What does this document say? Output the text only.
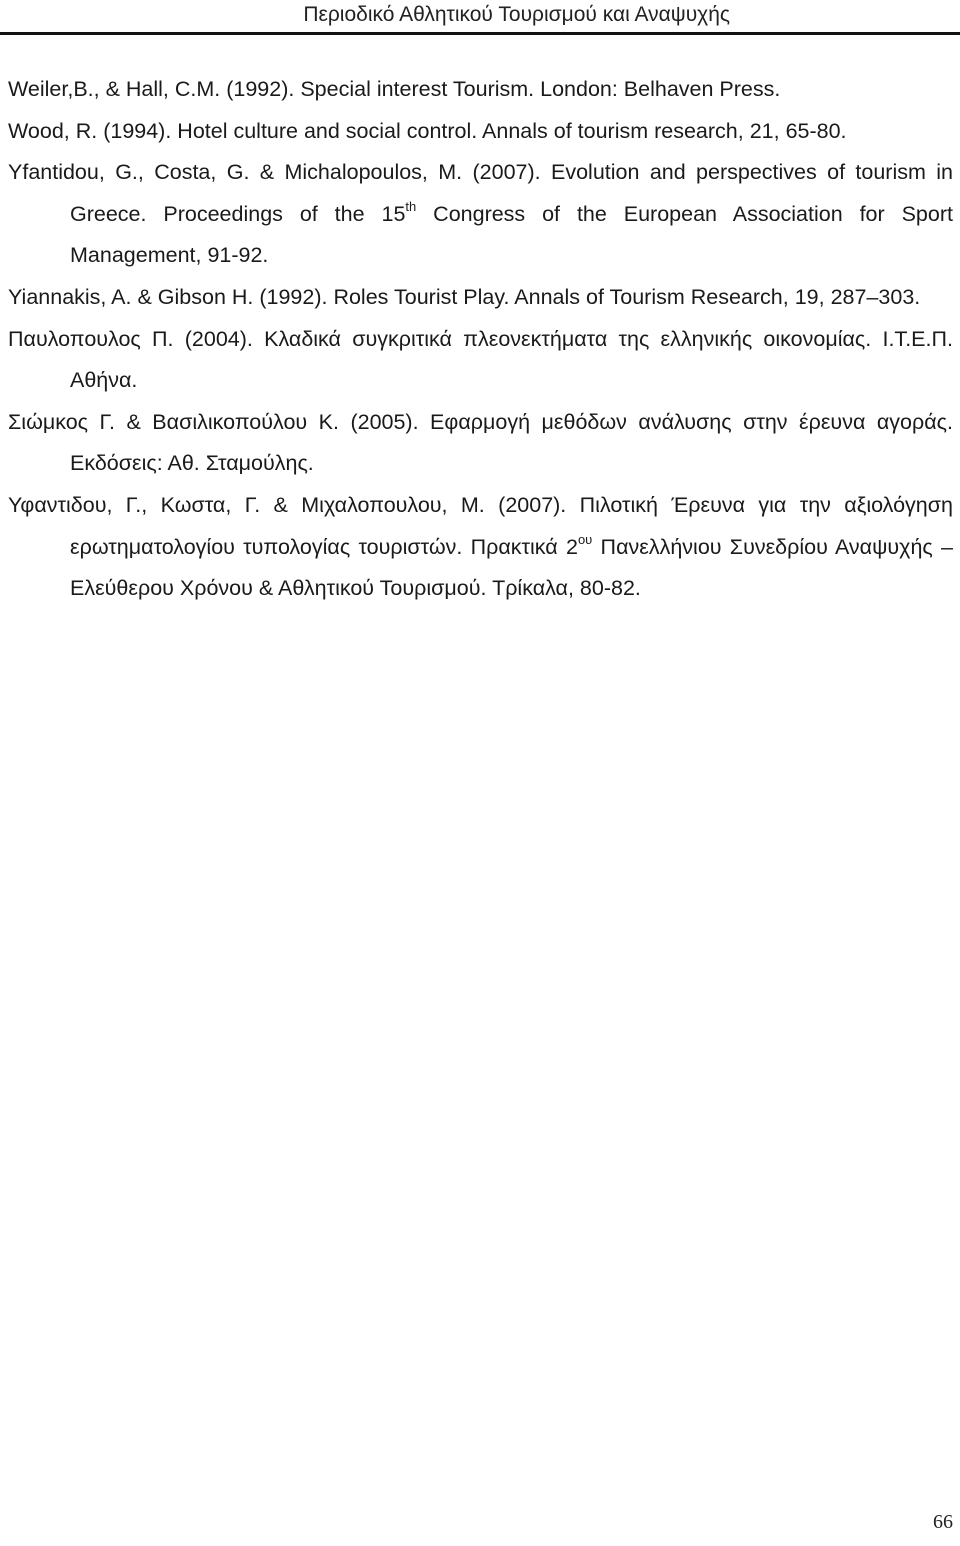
Περιοδικό Αθλητικού Τουρισμού και Αναψυχής
Weiler,B., & Hall, C.M. (1992). Special interest Tourism. London: Belhaven Press.
Wood, R. (1994). Hotel culture and social control. Annals of tourism research, 21, 65-80.
Yfantidou, G., Costa, G. & Michalopoulos, M. (2007). Evolution and perspectives of tourism in Greece. Proceedings of the 15th Congress of the European Association for Sport Management, 91-92.
Yiannakis, A. & Gibson H. (1992). Roles Tourist Play. Annals of Tourism Research, 19, 287–303.
Παυλοπουλος Π. (2004). Κλαδικά συγκριτικά πλεονεκτήματα της ελληνικής οικονομίας. Ι.Τ.Ε.Π. Αθήνα.
Σιώμκος Γ. & Βασιλικοπούλου Κ. (2005). Εφαρμογή μεθόδων ανάλυσης στην έρευνα αγοράς. Εκδόσεις: Αθ. Σταμούλης.
Υφαντιδου, Γ., Κωστα, Γ. & Μιχαλοπουλου, Μ. (2007). Πιλοτική Έρευνα για την αξιολόγηση ερωτηματολογίου τυπολογίας τουριστών. Πρακτικά $2^{o\upsilon}$ Πανελλήνιου Συνεδρίου Αναψυχής – Ελεύθερου Χρόνου & Αθλητικού Τουρισμού. Τρίκαλα, 80-82.
66
